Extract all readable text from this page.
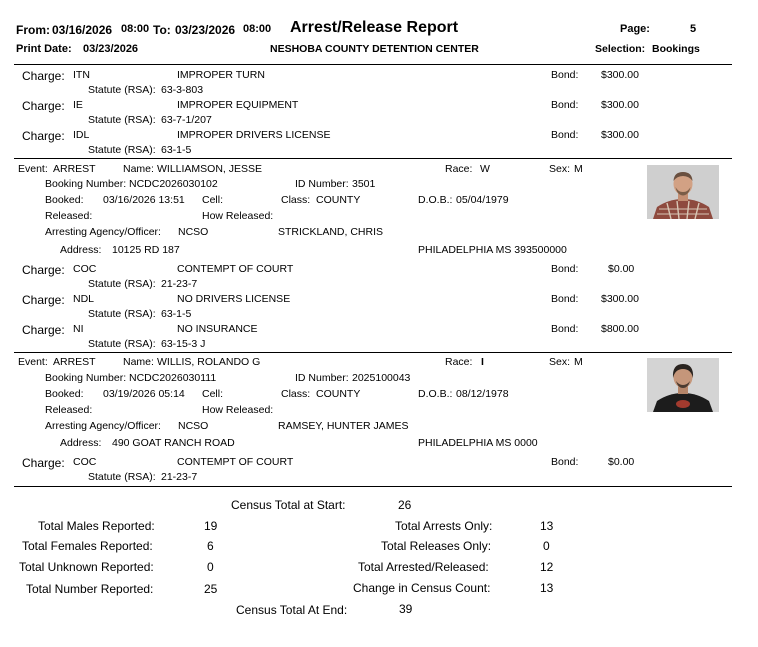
From: 03/16/2026 08:00 To: 03/23/2026 08:00 Arrest/Release Report	Page:	5
Print Date: 03/23/2026	NESHOBA COUNTY DETENTION CENTER	Selection: Bookings
Charge: ITN	IMPROPER TURN	Bond: $300.00
Statute (RSA): 63-3-803
Charge: IE	IMPROPER EQUIPMENT	Bond: $300.00
Statute (RSA): 63-7-1/207
Charge: IDL	IMPROPER DRIVERS LICENSE	Bond: $300.00
Statute (RSA): 63-1-5
Event: ARREST	Name: WILLIAMSON, JESSE	Race: W	Sex: M
Booking Number: NCDC2026030102	ID Number: 3501
Booked: 03/16/2026 13:51 Cell:	Class: COUNTY	D.O.B.: 05/04/1979
Released:	How Released:
Arresting Agency/Officer: NCSO	STRICKLAND, CHRIS
Address: 10125 RD 187	PHILADELPHIA MS 393500000
Charge: COC	CONTEMPT OF COURT	Bond:	$0.00
Statute (RSA): 21-23-7
Charge: NDL	NO DRIVERS LICENSE	Bond: $300.00
Statute (RSA): 63-1-5
Charge: NI	NO INSURANCE	Bond: $800.00
Statute (RSA): 63-15-3 J
Event: ARREST	Name: WILLIS, ROLANDO G	Race: I	Sex: M
Booking Number: NCDC2026030111	ID Number: 2025100043
Booked: 03/19/2026 05:14 Cell:	Class: COUNTY	D.O.B.: 08/12/1978
Released:	How Released:
Arresting Agency/Officer: NCSO	RAMSEY, HUNTER JAMES
Address: 490 GOAT RANCH ROAD	PHILADELPHIA MS 0000
Charge: COC	CONTEMPT OF COURT	Bond:	$0.00
Statute (RSA): 21-23-7
Census Total at Start:	26
Total Males Reported:	19	Total Arrests Only:	13
Total Females Reported:	6	Total Releases Only:	0
Total Unknown Reported:	0	Total Arrested/Released:	12
Total Number Reported:	25	Change in Census Count:	13
Census Total At End:	39
